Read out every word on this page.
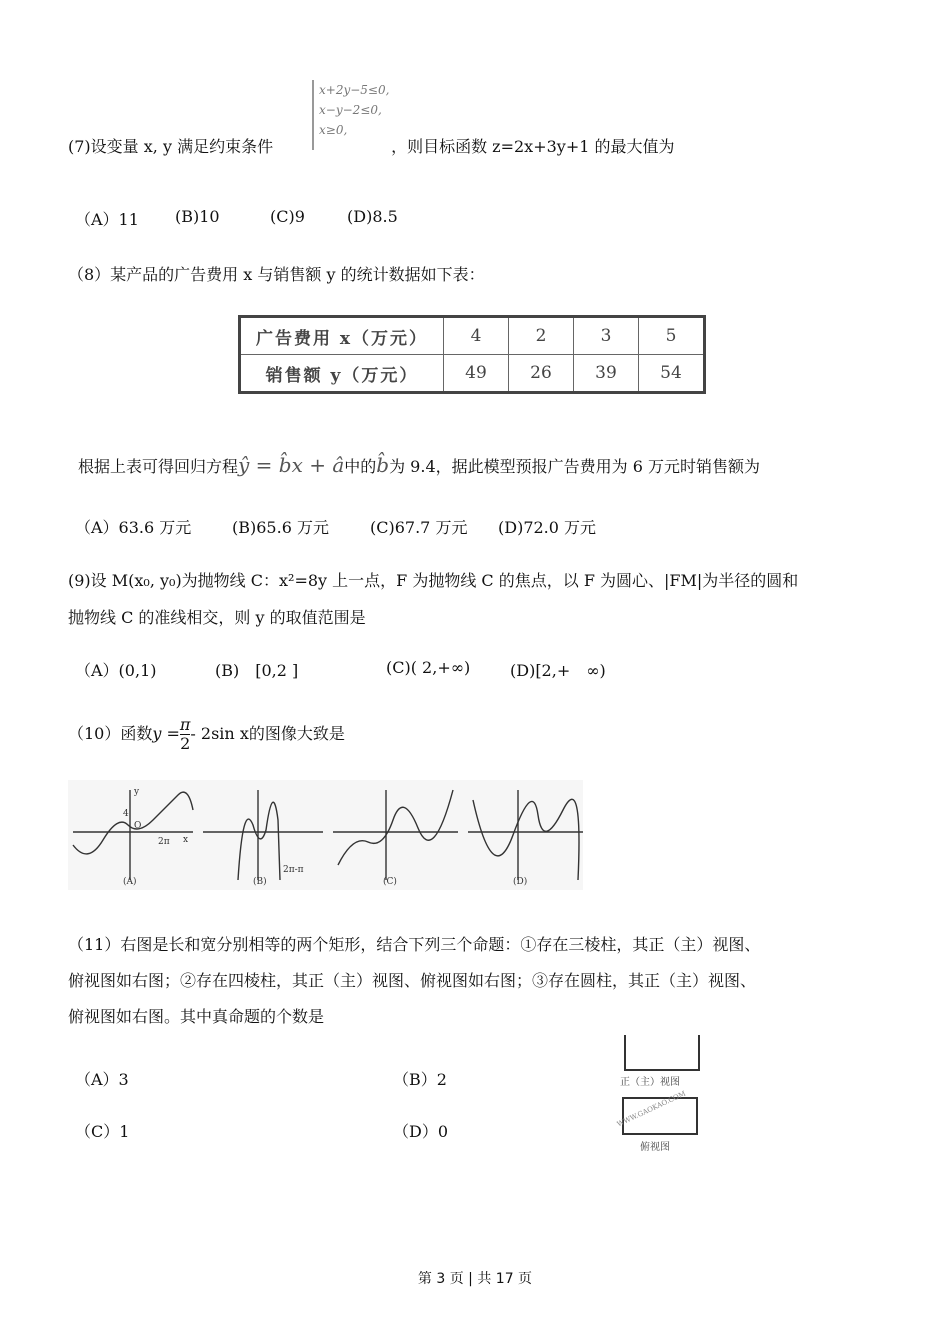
x+2y−5≤0,
x−y−2≤0,
x≥0,
(7)设变量 x, y 满足约束条件	，则目标函数 z=2x+3y+1 的最大值为
（A）11 (B)10	(C)9	(D)8.5
（8）某产品的广告费用 x 与销售额 y 的统计数据如下表：
广告费用 x（万元）	4	2	3	5
销售额 y（万元）	49	26	39	54
根据上表可得回归方程ŷ = b̂x + â中的b̂为 9.4，据此模型预报广告费用为 6 万元时销售额为
（A）63.6 万元	(B)65.6 万元	(C)67.7 万元 (D)72.0 万元
(9)设 M(x₀, y₀)为抛物线 C：x²=8y 上一点，F 为抛物线 C 的焦点，以 F 为圆心、|FM|为半径的圆和
抛物线 C 的准线相交，则 y 的取值范围是
（A）(0,1)	(B)　[0,2 ]	(C)( 2,+∞) (D)[2,+　∞)
（10）函数$y = \frac{\pi}{2} - 2\sin$ x的图像大致是
y
4
O
2π x
(A)	(B)
2π-π
(C)	(D)
（11）右图是长和宽分别相等的两个矩形，结合下列三个命题：①存在三棱柱，其正（主）视图、
俯视图如右图；②存在四棱柱，其正（主）视图、俯视图如右图；③存在圆柱，其正（主）视图、
俯视图如右图。其中真命题的个数是
（A）3	（B）2
（C）1	（D）0
正（主）视图
WWW.GAOKAO.COM
俯视图
第 3 页 | 共 17 页
